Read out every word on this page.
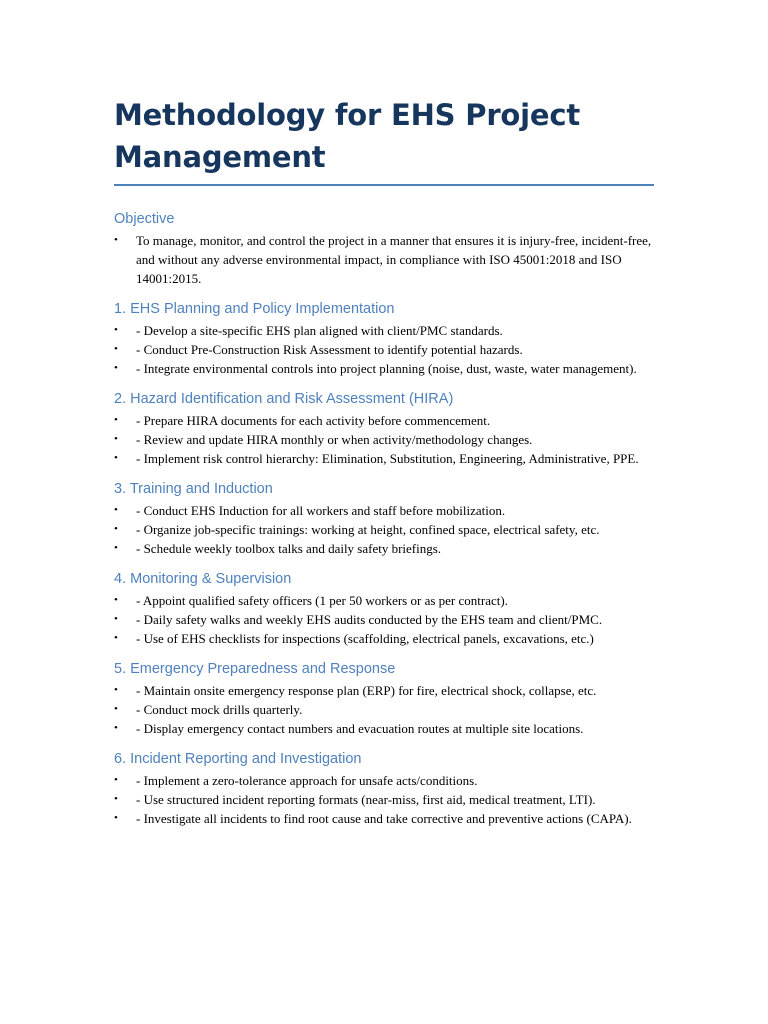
Methodology for EHS Project Management
Objective
• To manage, monitor, and control the project in a manner that ensures it is injury-free, incident-free, and without any adverse environmental impact, in compliance with ISO 45001:2018 and ISO 14001:2015.
1. EHS Planning and Policy Implementation
• - Develop a site-specific EHS plan aligned with client/PMC standards.
• - Conduct Pre-Construction Risk Assessment to identify potential hazards.
• - Integrate environmental controls into project planning (noise, dust, waste, water management).
2. Hazard Identification and Risk Assessment (HIRA)
• - Prepare HIRA documents for each activity before commencement.
• - Review and update HIRA monthly or when activity/methodology changes.
• - Implement risk control hierarchy: Elimination, Substitution, Engineering, Administrative, PPE.
3. Training and Induction
• - Conduct EHS Induction for all workers and staff before mobilization.
• - Organize job-specific trainings: working at height, confined space, electrical safety, etc.
• - Schedule weekly toolbox talks and daily safety briefings.
4. Monitoring & Supervision
• - Appoint qualified safety officers (1 per 50 workers or as per contract).
• - Daily safety walks and weekly EHS audits conducted by the EHS team and client/PMC.
• - Use of EHS checklists for inspections (scaffolding, electrical panels, excavations, etc.)
5. Emergency Preparedness and Response
• - Maintain onsite emergency response plan (ERP) for fire, electrical shock, collapse, etc.
• - Conduct mock drills quarterly.
• - Display emergency contact numbers and evacuation routes at multiple site locations.
6. Incident Reporting and Investigation
• - Implement a zero-tolerance approach for unsafe acts/conditions.
• - Use structured incident reporting formats (near-miss, first aid, medical treatment, LTI).
• - Investigate all incidents to find root cause and take corrective and preventive actions (CAPA).
